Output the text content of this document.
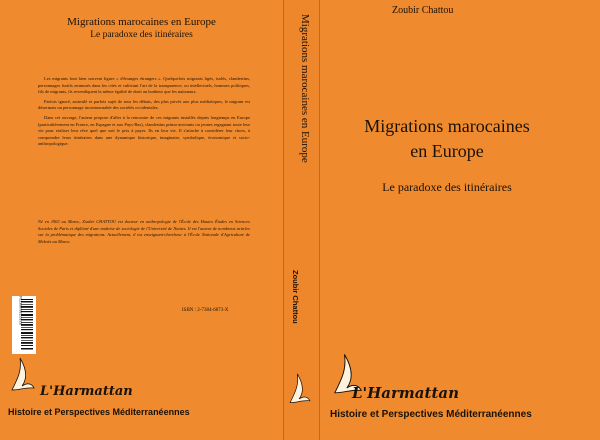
Migrations marocaines en Europe
Le paradoxe des itinéraires

Les migrants font bien souvent figure « d'étranges étrangers ». Quelquefois migrants ligés, isolés, clandestins, personnages furtifs emmurés dans les cités et cultivant l'art de la transparence, ou intellectuels, hommes politiques, fils de migrants, ils revendiquent la même égalité de droit au bonheur que les nationaux.

Parfois ignoré, assimilé et parfois sujet de tous les débats, des plus privés aux plus médiatiques, le migrant est désormais un personnage incontournable des sociétés occidentales.

Dans cet ouvrage, l'auteur propose d'aller à la rencontre de ces migrants installés depuis longtemps en Europe (particulièrement en France, en Espagne et aux Pays-Bas), clandestins primo-arrivants ou jeunes regagnant toute leur vie pour réaliser leur rêve quel que soit le prix à payer. Ils en leur vie. Il s'attache à considérer leur choix, à comprendre leurs itinéraires dans une dynamique historique, imaginaire, symbolique, économique et socio-anthropologique.

Né en 1963 au Maroc, Zoubir CHATTOU est docteur en anthropologie de l'École des Hautes Études en Sciences Sociales de Paris et diplômé d'une maîtrise de sociologie de l'Université de Nantes. Il est l'auteur de nombreux articles sur la problématique des migrations. Actuellement, il est enseignant-chercheur à l'École Nationale d'Agriculture de Meknès au Maroc.
ISBN : 2-7384-6873-X
9782738468734
L'Harmattan
Histoire et Perspectives Méditerranéennes
Migrations marocaines en Europe
Zoubir Chattou
Zoubir Chattou
Migrations marocaines
en Europe
Le paradoxe des itinéraires
L'Harmattan
Histoire et Perspectives Méditerranéennes
